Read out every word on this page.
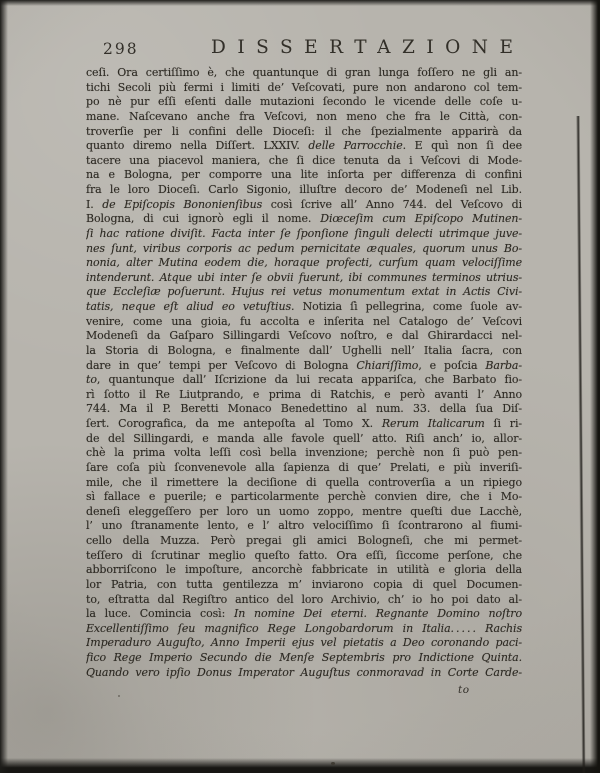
298	DISSERTAZIONE
ceſi. Ora certiſſimo è, che quantunque di gran lunga foſſero ne gli an-
tichi Secoli più fermi i limiti de’ Veſcovati, pure non andarono col tem-
po nè pur eſſi eſenti dalle mutazioni ſecondo le vicende delle coſe u-
mane. Naſcevano anche fra Veſcovi, non meno che fra le Città, con-
troverſie per li confini delle Dioceſi: il che ſpezialmente apparirà da
quanto diremo nella Diſſert. LXXIV. delle Parrocchie. E quì non ſi dee
tacere una piacevol maniera, che ſi dice tenuta da i Veſcovi di Mode-
na e Bologna, per comporre una lite inſorta per differenza di confini
fra le loro Dioceſi. Carlo Sigonio, illuſtre decoro de’ Modeneſi nel Lib.
I. de Epiſcopis Bononienſibus così ſcrive all’ Anno 744. del Veſcovo di
Bologna, di cui ignorò egli il nome. Diœceſim cum Epiſcopo Mutinen-
ſi hac ratione diviſit. Facta inter ſe ſponſione ſinguli delecti utrimque juve-
nes ſunt, viribus corporis ac pedum pernicitate æquales, quorum unus Bo-
nonia, alter Mutina eodem die, horaque profecti, curſum quam velociſſime
intenderunt. Atque ubi inter ſe obvii fuerunt, ibi communes terminos utrius-
que Eccleſiæ poſuerunt. Hujus rei vetus monumentum extat in Actis Civi-
tatis, neque eſt aliud eo vetuſtius. Notizia ſì pellegrina, come ſuole av-
venire, come una gioia, fu accolta e inſerita nel Catalogo de’ Veſcovi
Modeneſi da Gaſparo Sillingardi Veſcovo noſtro, e dal Ghirardacci nel-
la Storia di Bologna, e finalmente dall’ Ughelli nell’ Italia ſacra, con
dare in que’ tempi per Veſcovo di Bologna Chiariſſimo, e poſcia Barba-
to, quantunque dall’ Iſcrizione da lui recata appariſca, che Barbato fio-
rì ſotto il Re Liutprando, e prima di Ratchis, e però avanti l’ Anno
744. Ma il P. Beretti Monaco Benedettino al num. 33. della ſua Diſ-
ſert. Corografica, da me antepoſta al Tomo X. Rerum Italicarum ſi ri-
de del Sillingardi, e manda alle favole quell’ atto. Riſi anch’ io, allor-
chè la prima volta leſſi così bella invenzione; perchè non ſi può pen-
ſare coſa più ſconvenevole alla ſapienza di que’ Prelati, e più inveriſi-
mile, che il rimettere la deciſione di quella controverſia a un ripiego
sì fallace e puerile; e particolarmente perchè convien dire, che i Mo-
deneſi eleggeſſero per loro un uomo zoppo, mentre queſti due Lacchè,
l’ uno ſtranamente lento, e l’ altro velociſſimo ſi ſcontrarono al fiumi-
cello della Muzza. Però pregai gli amici Bologneſi, che mi permet-
teſſero di ſcrutinar meglio queſto fatto. Ora eſſi, ſiccome perſone, che
abborriſcono le impoſture, ancorchè fabbricate in utilità e gloria della
lor Patria, con tutta gentilezza m’ inviarono copia di quel Documen-
to, eſtratta dal Regiſtro antico del loro Archivio, ch’ io ho poi dato al-
la luce. Comincia così: In nomine Dei eterni. Regnante Domino noſtro
Excellentiſſimo ſeu magnifico Rege Longobardorum in Italia. . . . . Rachis
Imperaduro Auguſto, Anno Imperii ejus vel pietatis a Deo coronando paci-
fico Rege Imperio Secundo die Menſe Septembris pro Indictione Quinta.
Quando vero ipſio Donus Imperator Auguſtus conmoravad in Corte Carde-
to
